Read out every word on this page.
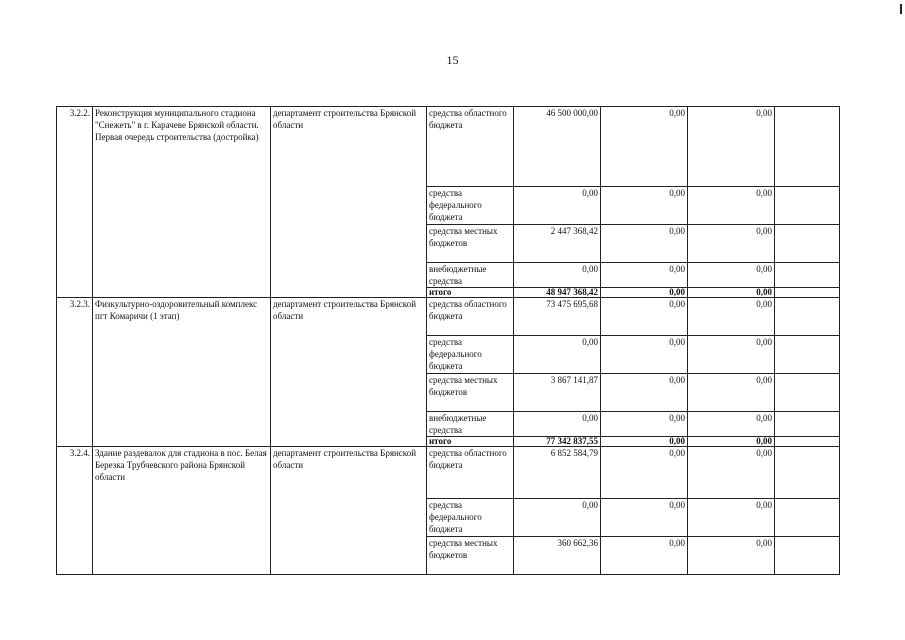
15
3.2.2.	Реконструкция муниципального стадиона "Снежеть" в г. Карачеве Брянской области. Первая очередь строительства (достройка)	департамент строительства Брянской области	средства областного бюджета	46 500 000,00	0,00	0,00	
			средства федерального бюджета	0,00	0,00	0,00	
			средства местных бюджетов	2 447 368,42	0,00	0,00	
			внебюджетные средства	0,00	0,00	0,00	
			итого	48 947 368,42	0,00	0,00	
3.2.3.	Физкультурно-оздоровительный комплекс пгт Комаричи (1 этап)	департамент строительства Брянской области	средства областного бюджета	73 475 695,68	0,00	0,00	
			средства федерального бюджета	0,00	0,00	0,00	
			средства местных бюджетов	3 867 141,87	0,00	0,00	
			внебюджетные средства	0,00	0,00	0,00	
			итого	77 342 837,55	0,00	0,00	
3.2.4.	Здание раздевалок для стадиона в пос. Белая Березка Трубчевского района Брянской области	департамент строительства Брянской области	средства областного бюджета	6 852 584,79	0,00	0,00	
			средства федерального бюджета	0,00	0,00	0,00	
			средства местных бюджетов	360 662,36	0,00	0,00	
